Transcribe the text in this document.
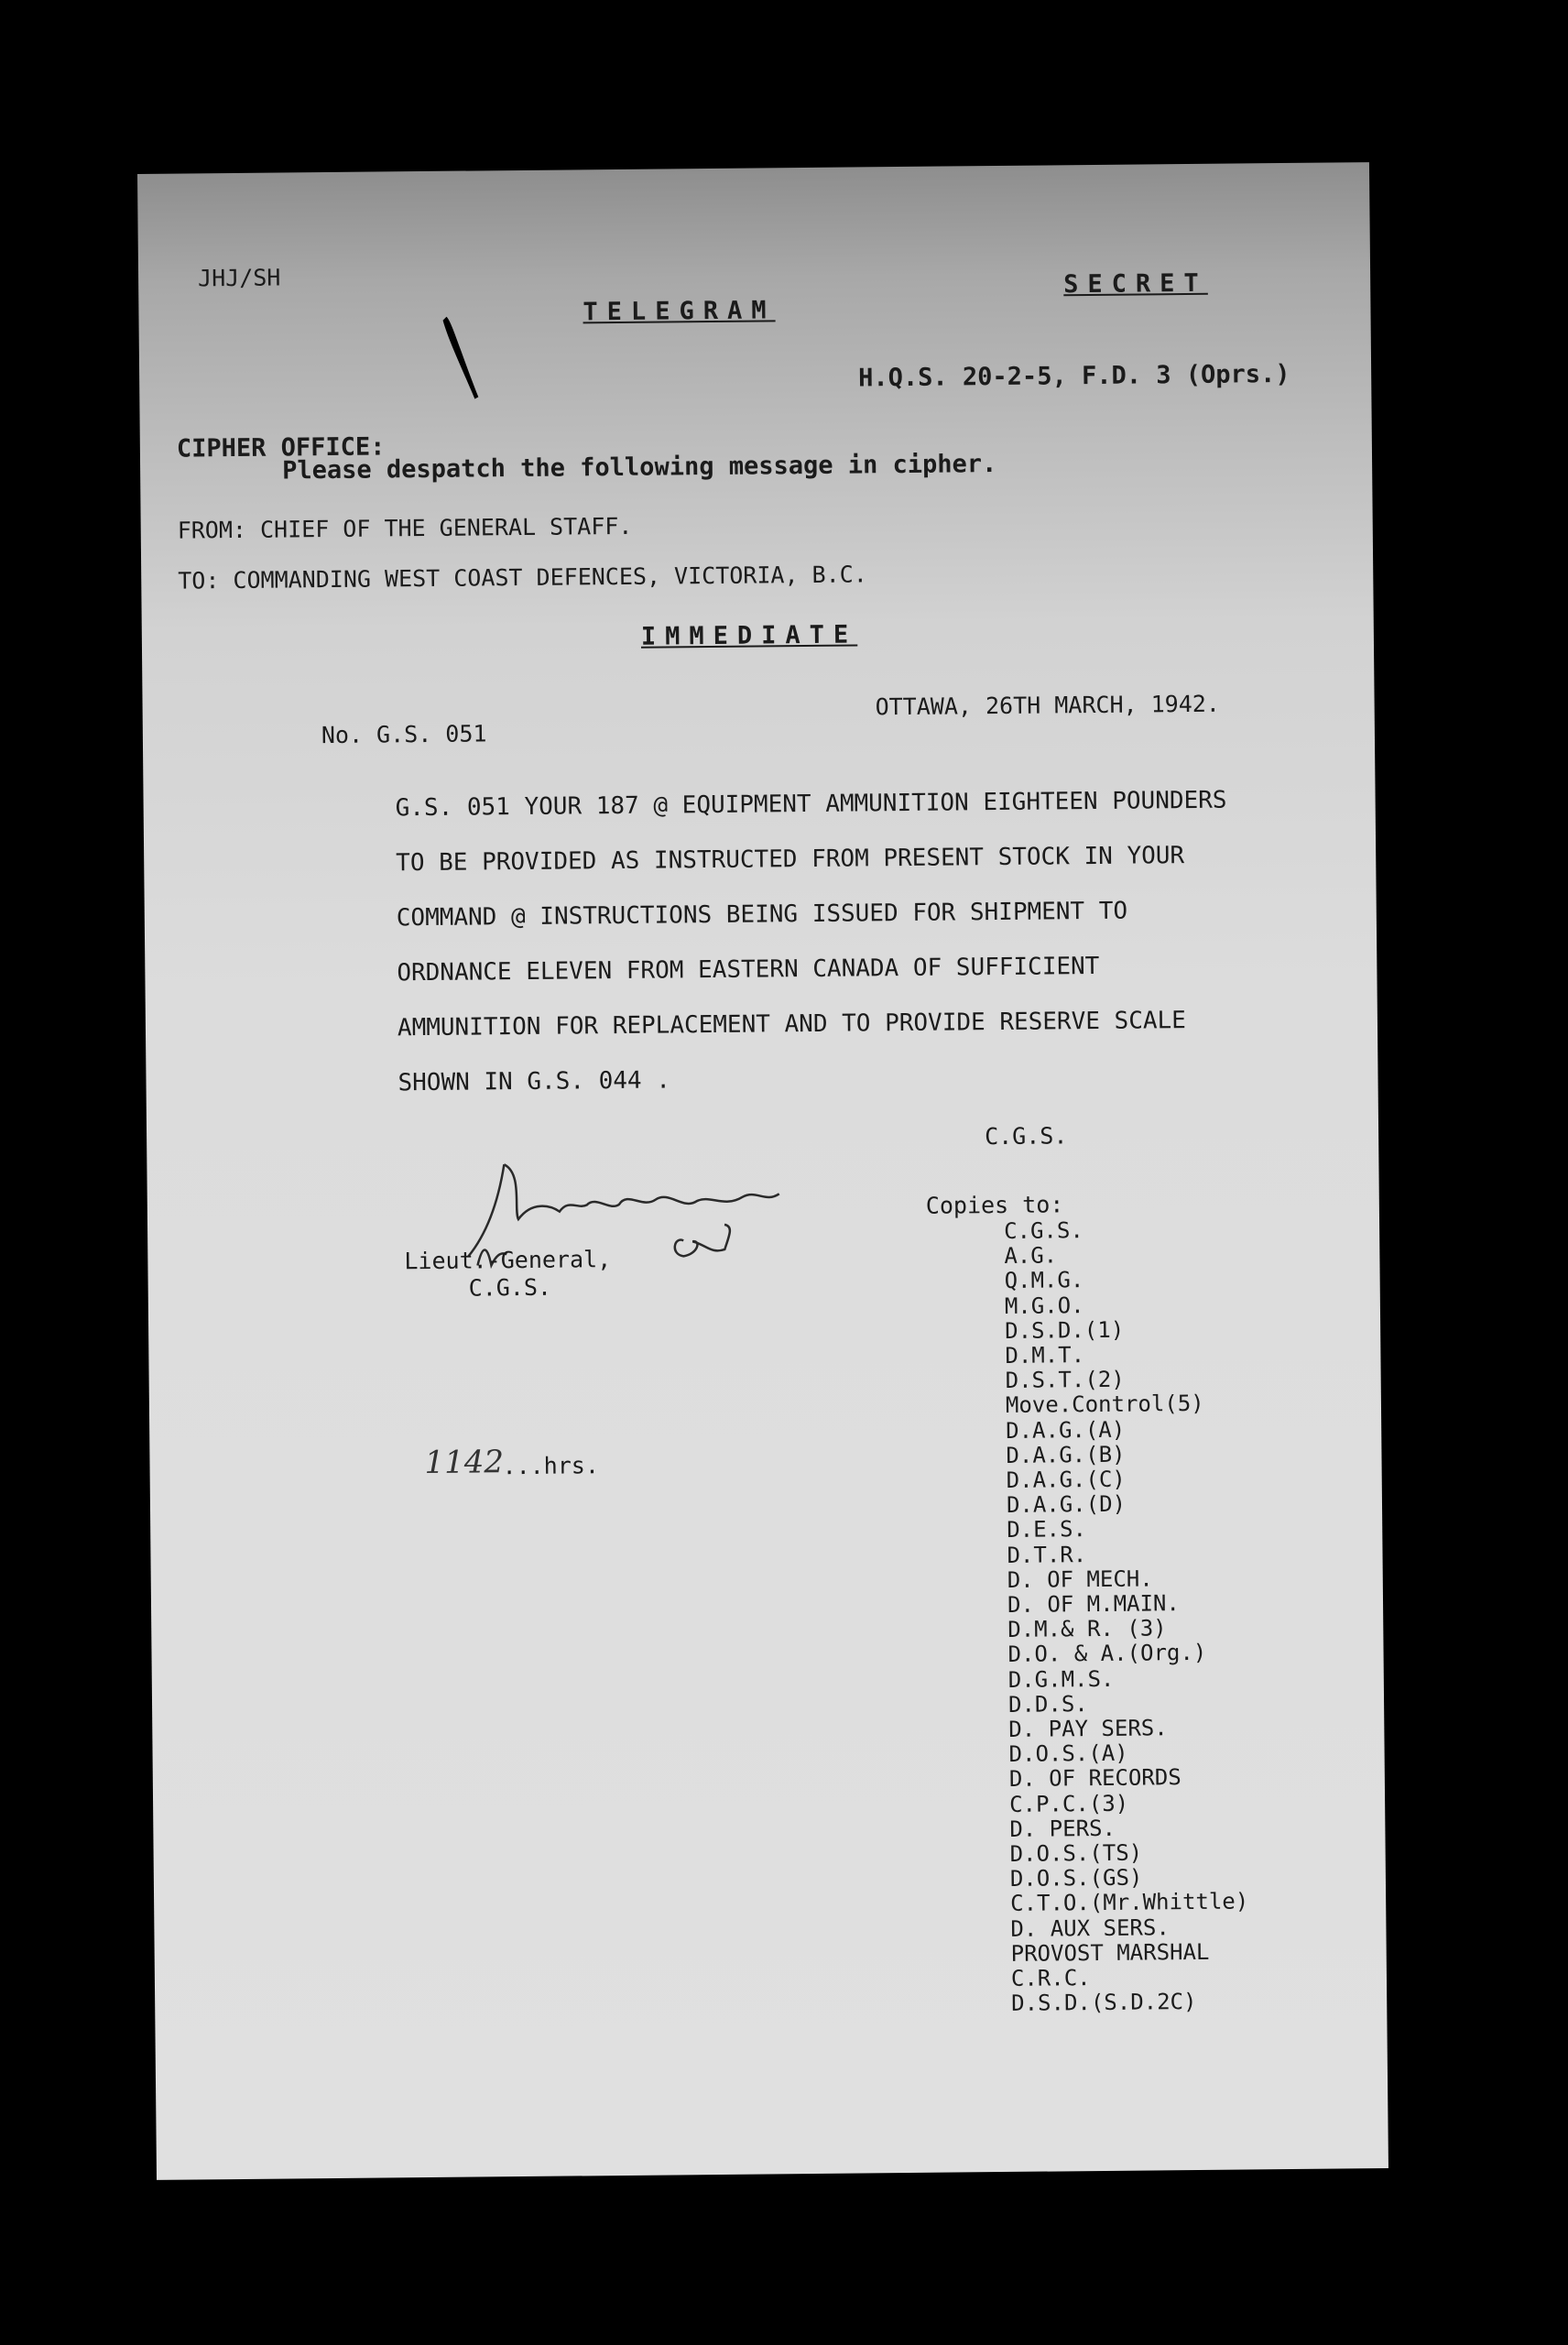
JHJ/SH
TELEGRAM
SECRET
H.Q.S. 20-2-5, F.D. 3 (Oprs.)
CIPHER OFFICE:
Please despatch the following message in cipher.
FROM: CHIEF OF THE GENERAL STAFF.
TO: COMMANDING WEST COAST DEFENCES, VICTORIA, B.C.
IMMEDIATE
No. G.S. 051
OTTAWA, 26TH MARCH, 1942.
G.S. 051 YOUR 187 @ EQUIPMENT AMMUNITION EIGHTEEN POUNDERS
TO BE PROVIDED AS INSTRUCTED FROM PRESENT STOCK IN YOUR
COMMAND @ INSTRUCTIONS BEING ISSUED FOR SHIPMENT TO
ORDNANCE ELEVEN FROM EASTERN CANADA OF SUFFICIENT
AMMUNITION FOR REPLACEMENT AND TO PROVIDE RESERVE SCALE
SHOWN IN G.S. 044 .
C.G.S.
Lieut.-General,
C.G.S.
1142
...hrs.
Copies to:
C.G.S.
A.G.
Q.M.G.
M.G.O.
D.S.D.(1)
D.M.T.
D.S.T.(2)
Move.Control(5)
D.A.G.(A)
D.A.G.(B)
D.A.G.(C)
D.A.G.(D)
D.E.S.
D.T.R.
D. OF MECH.
D. OF M.MAIN.
D.M.& R. (3)
D.O. & A.(Org.)
D.G.M.S.
D.D.S.
D. PAY SERS.
D.O.S.(A)
D. OF RECORDS
C.P.C.(3)
D. PERS.
D.O.S.(TS)
D.O.S.(GS)
C.T.O.(Mr.Whittle)
D. AUX SERS.
PROVOST MARSHAL
C.R.C.
D.S.D.(S.D.2C)
